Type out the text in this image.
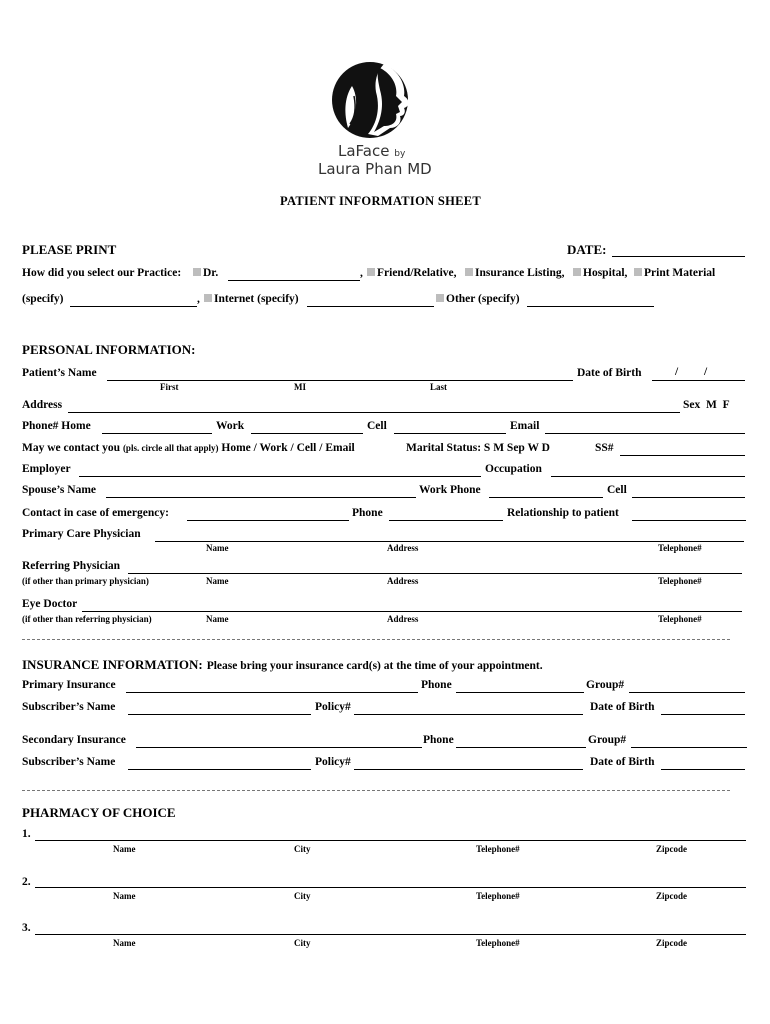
LaFace by
Laura Phan MD
PATIENT INFORMATION SHEET
PLEASE PRINT	DATE:
How did you select our Practice:	Dr.	,	Friend/Relative,	Insurance Listing,	Hospital,	Print Material
(specify)	,	Internet (specify)	Other (specify)
PERSONAL INFORMATION:
Patient’s Name	Date of Birth	/ /
First	MI	Last
Address	Sex  M  F
Phone# Home	Work	Cell	Email
May we contact you (pls. circle all that apply) Home / Work / Cell / Email	Marital Status: S M Sep W D	SS#
Employer	Occupation
Spouse’s Name	Work Phone	Cell
Contact in case of emergency:	Phone	Relationship to patient
Primary Care Physician
Name	Address	Telephone#
Referring Physician
(if other than primary physician)	Name	Address	Telephone#
Eye Doctor
(if other than referring physician)	Name	Address	Telephone#
INSURANCE INFORMATION: Please bring your insurance card(s) at the time of your appointment.
Primary Insurance	Phone	Group#
Subscriber’s Name	Policy#	Date of Birth
Secondary Insurance	Phone	Group#
Subscriber’s Name	Policy#	Date of Birth
PHARMACY OF CHOICE
1.
Name	City	Telephone#	Zipcode
2.
Name	City	Telephone#	Zipcode
3.
Name	City	Telephone#	Zipcode
